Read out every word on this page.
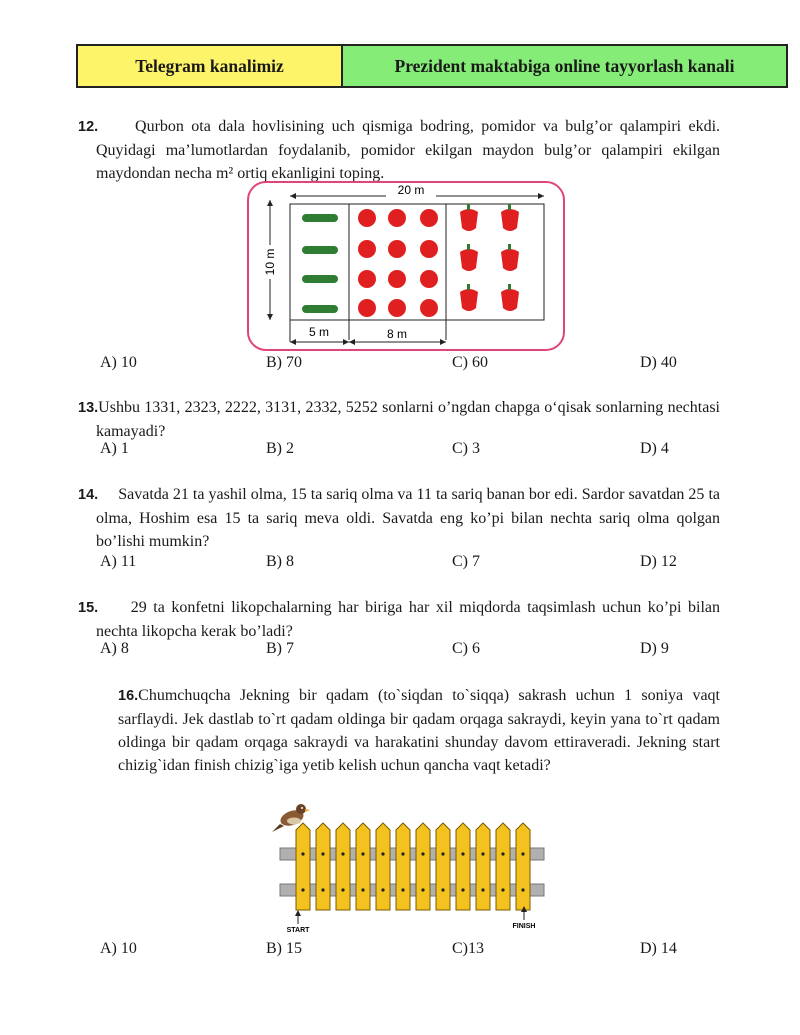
Telegram kanalimiz	Prezident maktabiga online tayyorlash kanali
12. Qurbon ota dala hovlisining uch qismiga bodring, pomidor va bulg’or qalampiri ekdi. Quyidagi ma’lumotlardan foydalanib, pomidor ekilgan maydon bulg’or qalampiri ekilgan maydondan necha m² ortiq ekanligini toping.
20 m
10 m
5 m	8 m
A) 10	B) 70	C) 60	D) 40
13.Ushbu 1331, 2323, 2222, 3131, 2332, 5252 sonlarni o’ngdan chapga o‘qisak sonlarning nechtasi kamayadi?
A) 1	B) 2	C) 3	D) 4
14. Savatda 21 ta yashil olma, 15 ta sariq olma va 11 ta sariq banan bor edi. Sardor savatdan 25 ta olma, Hoshim esa 15 ta sariq meva oldi. Savatda eng ko’pi bilan nechta sariq olma qolgan bo’lishi mumkin?
A) 11	B) 8	C) 7	D) 12
15. 29 ta konfetni likopchalarning har biriga har xil miqdorda taqsimlash uchun ko’pi bilan nechta likopcha kerak bo’ladi?
A) 8	B) 7	C) 6	D) 9
16.Chumchuqcha Jekning bir qadam (to`siqdan to`siqqa) sakrash uchun 1 soniya vaqt sarflaydi. Jek dastlab to`rt qadam oldinga bir qadam orqaga sakraydi, keyin yana to`rt qadam oldinga bir qadam orqaga sakraydi va harakatini shunday davom ettiraveradi. Jekning start chizig`idan finish chizig`iga yetib kelish uchun qancha vaqt ketadi?
START
FINISH
A) 10	B) 15	C)13	D) 14
